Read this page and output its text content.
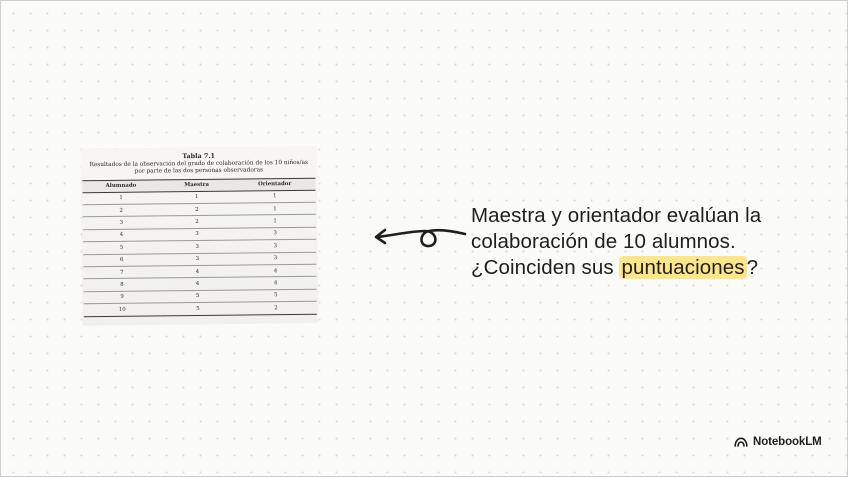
Tabla 7.1
Resultados de la observación del grado de colaboración de los 10 niños/as
por parte de las dos personas observadoras
Alumnado	Maestra	Orientador
1	1	1
2	2	1
3	2	1
4	3	3
5	3	3
6	3	3
7	4	4
8	4	4
9	5	5
10	5	2
Maestra y orientador evalúan la
colaboración de 10 alumnos.
¿Coinciden sus puntuaciones?
NotebookLM
